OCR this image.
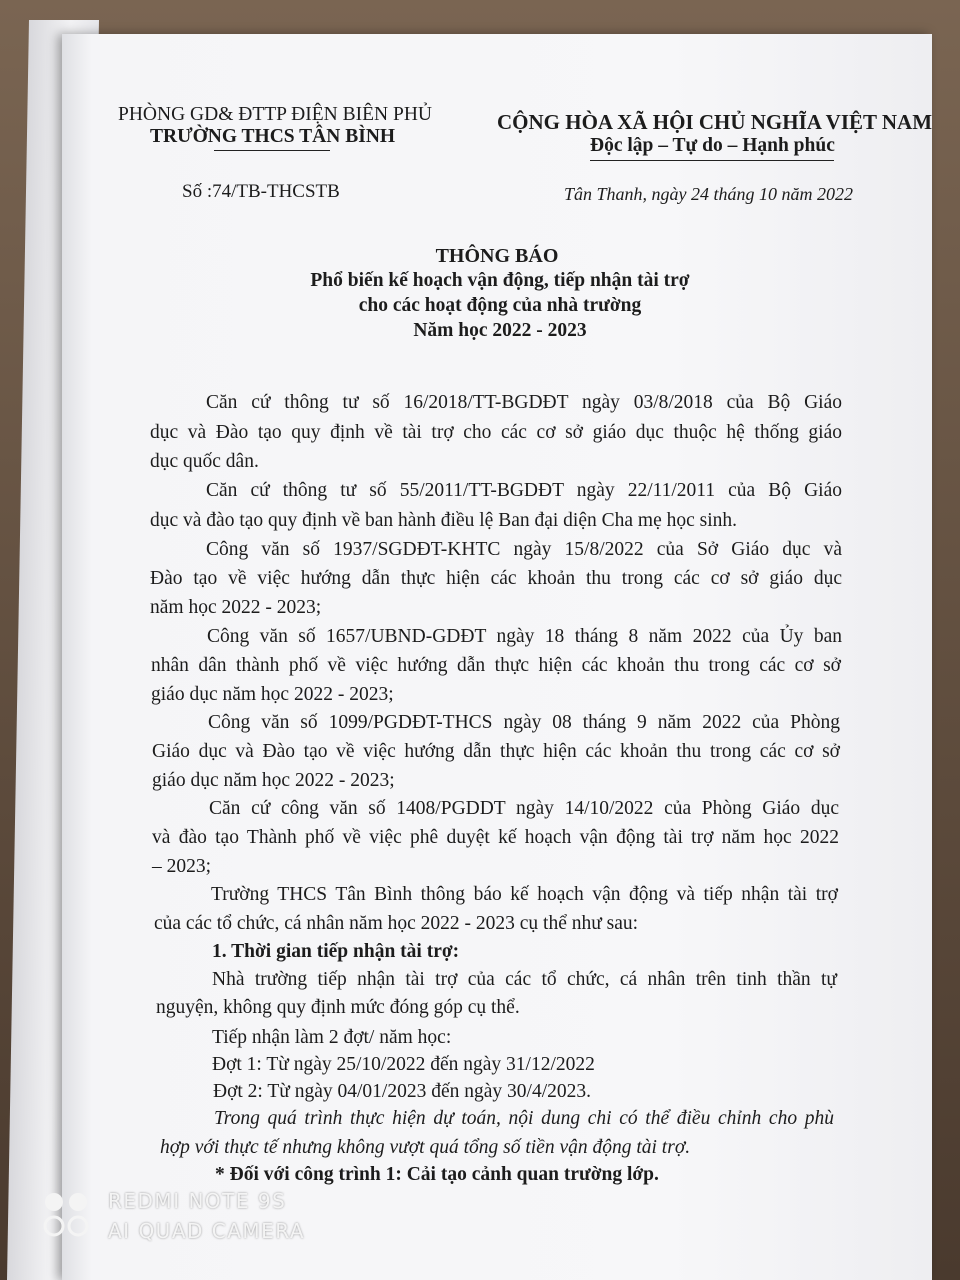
PHÒNG GD& ĐTTP ĐIỆN BIÊN PHỦ
TRƯỜNG THCS TÂN BÌNH
CỘNG HÒA XÃ HỘI CHỦ NGHĨA VIỆT NAM
Độc lập – Tự do – Hạnh phúc
Số :74/TB-THCSTB	Tân Thanh, ngày 24 tháng 10 năm 2022
THÔNG BÁO
Phổ biến kế hoạch vận động, tiếp nhận tài trợ
cho các hoạt động của nhà trường
Năm học 2022 - 2023
Căn cứ thông tư số 16/2018/TT-BGDĐT ngày 03/8/2018 của Bộ Giáo
dục và Đào tạo quy định về tài trợ cho các cơ sở giáo dục thuộc hệ thống giáo
dục quốc dân.
Căn cứ thông tư số 55/2011/TT-BGDĐT ngày 22/11/2011 của Bộ Giáo
dục và đào tạo quy định về ban hành điều lệ Ban đại diện Cha mẹ học sinh.
Công văn số 1937/SGDĐT-KHTC ngày 15/8/2022 của Sở Giáo dục và
Đào tạo về việc hướng dẫn thực hiện các khoản thu trong các cơ sở giáo dục
năm học 2022 - 2023;
Công văn số 1657/UBND-GDĐT ngày 18 tháng 8 năm 2022 của Ủy ban
nhân dân thành phố về việc hướng dẫn thực hiện các khoản thu trong các cơ sở
giáo dục năm học 2022 - 2023;
Công văn số 1099/PGDĐT-THCS ngày 08 tháng 9 năm 2022 của Phòng
Giáo dục và Đào tạo về việc hướng dẫn thực hiện các khoản thu trong các cơ sở
giáo dục năm học 2022 - 2023;
Căn cứ công văn số 1408/PGDDT ngày 14/10/2022 của Phòng Giáo dục
và đào tạo Thành phố về việc phê duyệt kế hoạch vận động tài trợ năm học 2022
– 2023;
Trường THCS Tân Bình thông báo kế hoạch vận động và tiếp nhận tài trợ
của các tổ chức, cá nhân năm học 2022 - 2023 cụ thể như sau:
1. Thời gian tiếp nhận tài trợ:
Nhà trường tiếp nhận tài trợ của các tổ chức, cá nhân trên tinh thần tự
nguyện, không quy định mức đóng góp cụ thể.
Tiếp nhận làm 2 đợt/ năm học:
Đợt 1: Từ ngày 25/10/2022 đến ngày 31/12/2022
Đợt 2: Từ ngày 04/01/2023 đến ngày 30/4/2023.
Trong quá trình thực hiện dự toán, nội dung chi có thể điều chỉnh cho phù
hợp với thực tế nhưng không vượt quá tổng số tiền vận động tài trợ.
* Đối với công trình 1: Cải tạo cảnh quan trường lớp.
REDMI NOTE 9S
AI QUAD CAMERA
